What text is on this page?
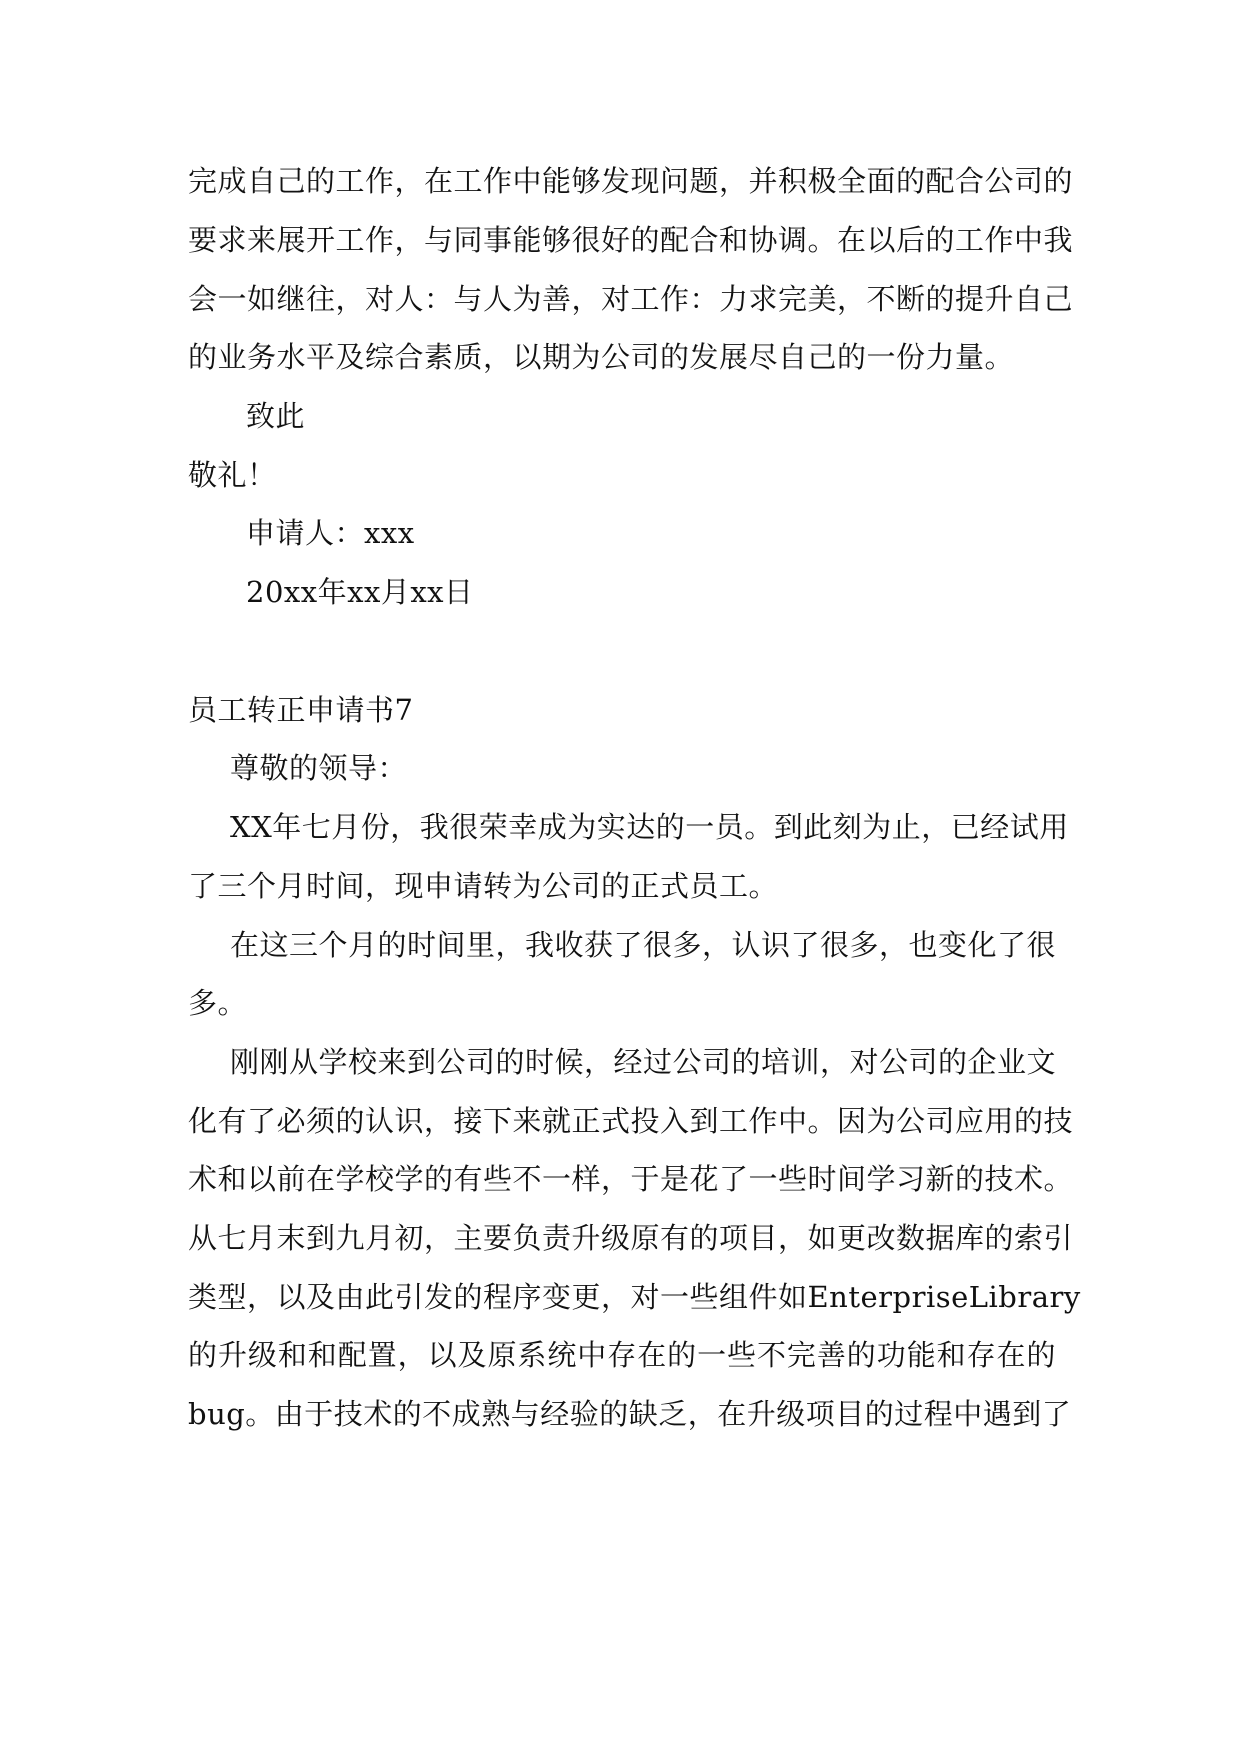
完成自己的工作，在工作中能够发现问题，并积极全面的配合公司的
要求来展开工作，与同事能够很好的配合和协调。在以后的工作中我
会一如继往，对人：与人为善，对工作：力求完美，不断的提升自己
的业务水平及综合素质，以期为公司的发展尽自己的一份力量。
致此
敬礼！
申请人：xxx
20xx年xx月xx日
员工转正申请书7
尊敬的领导：
XX年七月份，我很荣幸成为实达的一员。到此刻为止，已经试用
了三个月时间，现申请转为公司的正式员工。
在这三个月的时间里，我收获了很多，认识了很多，也变化了很
多。
刚刚从学校来到公司的时候，经过公司的培训，对公司的企业文
化有了必须的认识，接下来就正式投入到工作中。因为公司应用的技
术和以前在学校学的有些不一样，于是花了一些时间学习新的技术。
从七月末到九月初，主要负责升级原有的项目，如更改数据库的索引
类型，以及由此引发的程序变更，对一些组件如EnterpriseLibrary
的升级和和配置，以及原系统中存在的一些不完善的功能和存在的
bug。由于技术的不成熟与经验的缺乏，在升级项目的过程中遇到了
